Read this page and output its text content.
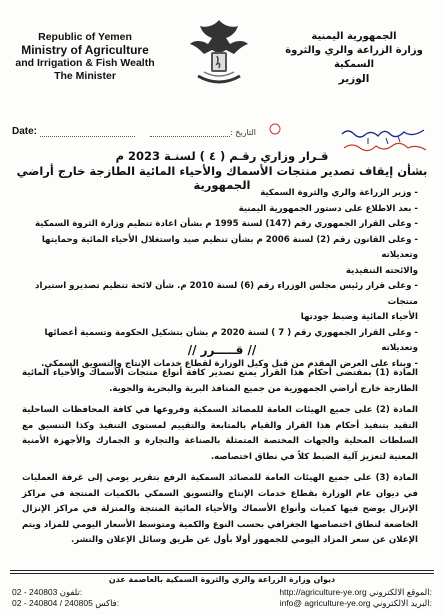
Republic of Yemen
Ministry of Agriculture
and Irrigation & Fish Wealth
The Minister
الجمهورية اليمنية
وزارة الزراعة والري والثروة السمكية
الوزير
Date:	التاريخ :
قـرار وزاري رقـم ( ٤ ) لسنـة 2023 م
بشأن إيقاف تصدير منتجات الأسماك والأحياء المائية الطازجة خارج أراضي الجمهورية

- وزير الزراعة والري والثروة السمكية

- بعد الاطلاع على دستور الجمهورية اليمنية

- وعلى القرار الجمهوري رقم (147) لسنة 1995 م بشأن اعادة تنظيم وزارة الثروة السمكية

- وعلى القانون رقم (2) لسنة 2006 م بشأن تنظيم صيد واستغلال الأحياء المائية وحمايتها وتعديلاته

والائحته التنفيذية

- وعلى قرار رئيس مجلس الوزراء رقم (6) لسنة 2010 م. شأن لائحة تنظيم تصديرو استيراد منتجات

الأحياء المائية وضبط جودتها

- وعلى القرار الجمهوري رقم ( 7 ) لسنة 2020 م بشأن بتشكيل الحكومة وتسمية أعضائها وتعديلاته

- وبناء على العرض المقدم من قبل وكيل الوزارة لقطاع خدمات الإنتاج والتسويق السمكي.

// قـــــرر //

المادة (1) بمقتضى أحكام هذا القرار يمنع تصدير كافة أنواع منتجات الأسماك والأحياء المائية الطازجة خارج أراضي الجمهورية من جميع المنافذ البرية والبحرية والجوية.

المادة (2) على جميع الهيئات العامة للمصائد السمكية وفروعها في كافة المحافظات الساحلية التقيد بتنفيذ أحكام هذا القرار والقيام بالمتابعة والتقييم لمستوى التنفيذ وكذا التنسيق مع السلطات المحلية والجهات المختصة المتمثلة بالصناعة والتجارة و الجمارك والأجهزة الأمنية المعنية لتعزيز آلية الضبط كلاً في نطاق اختصاصه.

المادة (3) على جميع الهيئات العامة للمصائد السمكية الرفع بتقرير يومي إلى غرفة العمليات في ديوان عام الوزارة بقطاع خدمات الإنتاج والتسويق السمكي بالكميات المنتجة في مراكز الإنزال يوضح فيها كميات وأنواع الأسماك والأحياء المائية المنتجة والمنزلة في مراكز الإنزال الخاضعة لنطاق اختصاصها الجغرافي بحسب النوع والكمية ومتوسط الأسعار اليومي للمزاد ويتم الإعلان عن سعر المزاد اليومي للجمهور أولا بأول عن طريق وسائل الإعلان والنشر.

ديوان وزارة الزراعة والري والثروة السمكية بالعاصمة عدن
02 - 240803 تلفون:
02 - 240804 / 240805 فاكس:
http://agriculture-ye.org الموقع الالكتروني:
info@ agriculture-ye.org البريد الالكتروني:
